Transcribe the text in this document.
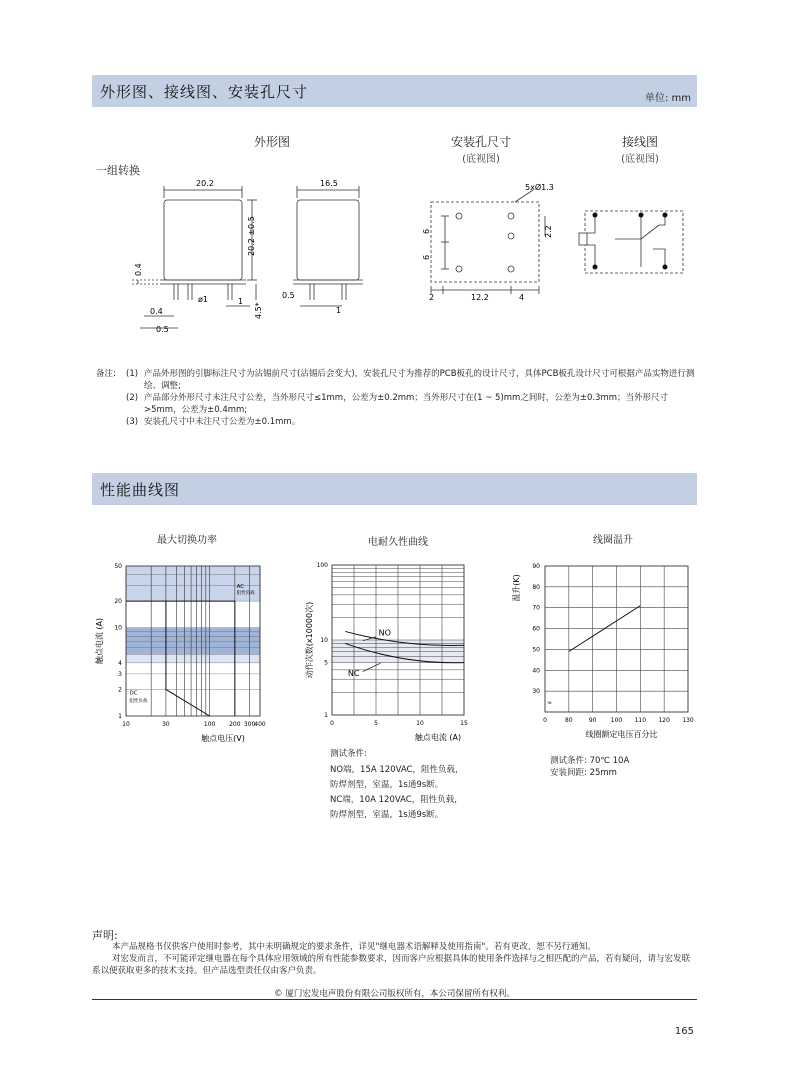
外形图、接线图、安装孔尺寸	单位: mm
外形图	安装孔尺寸
(底视图)
接线图
(底视图)
一组转换
20.2
20.2 ±0.5
0.4
ø1	1
4.5*
0.4
0.5
16.5
0.5
1
5xØ1.3
6
6
2.2
2	12.2	4
备注: (1) 产品外形图的引脚标注尺寸为沾锡前尺寸(沾锡后会变大)，安装孔尺寸为推荐的PCB板孔的设计尺寸，具体PCB板孔设计尺寸可根据产品实物进行测绘、调整;
(2) 产品部分外形尺寸未注尺寸公差，当外形尺寸≤1mm，公差为±0.2mm；当外形尺寸在(1 ~ 5)mm之间时，公差为±0.3mm；当外形尺寸>5mm，公差为±0.4mm;
(3) 安装孔尺寸中未注尺寸公差为±0.1mm。
性能曲线图
最大切换功率	电耐久性曲线	线圈温升
10	30	100 200 300
400
1
2
3
4
10
20
50
AC
阻性负载
DC
阻性负载
触点电压(V)
触点电流 (A)
0	5	10	15
1
5
10
100
NO
NC
触点电流 (A)
动作次数(x10000次)
0	80	90 100 110 120 130
30
40
50
60
70
80
90
≈
线圈额定电压百分比
温升(K)
测试条件:
NO端，15A 120VAC，阻性负载，
防焊剂型，室温，1s通9s断。
NC端，10A 120VAC，阻性负载，
防焊剂型，室温，1s通9s断。
测试条件: 70℃ 10A
安装间距: 25mm
声明:
本产品规格书仅供客户使用时参考，其中未明确规定的要求条件，详见"继电器术语解释及使用指南"。若有更改，恕不另行通知。
对宏发而言，不可能评定继电器在每个具体应用领域的所有性能参数要求，因而客户应根据具体的使用条件选择与之相匹配的产品，若有疑问，请与宏发联系以便获取更多的技术支持。但产品选型责任仅由客户负责。
© 厦门宏发电声股份有限公司版权所有，本公司保留所有权利。
165
